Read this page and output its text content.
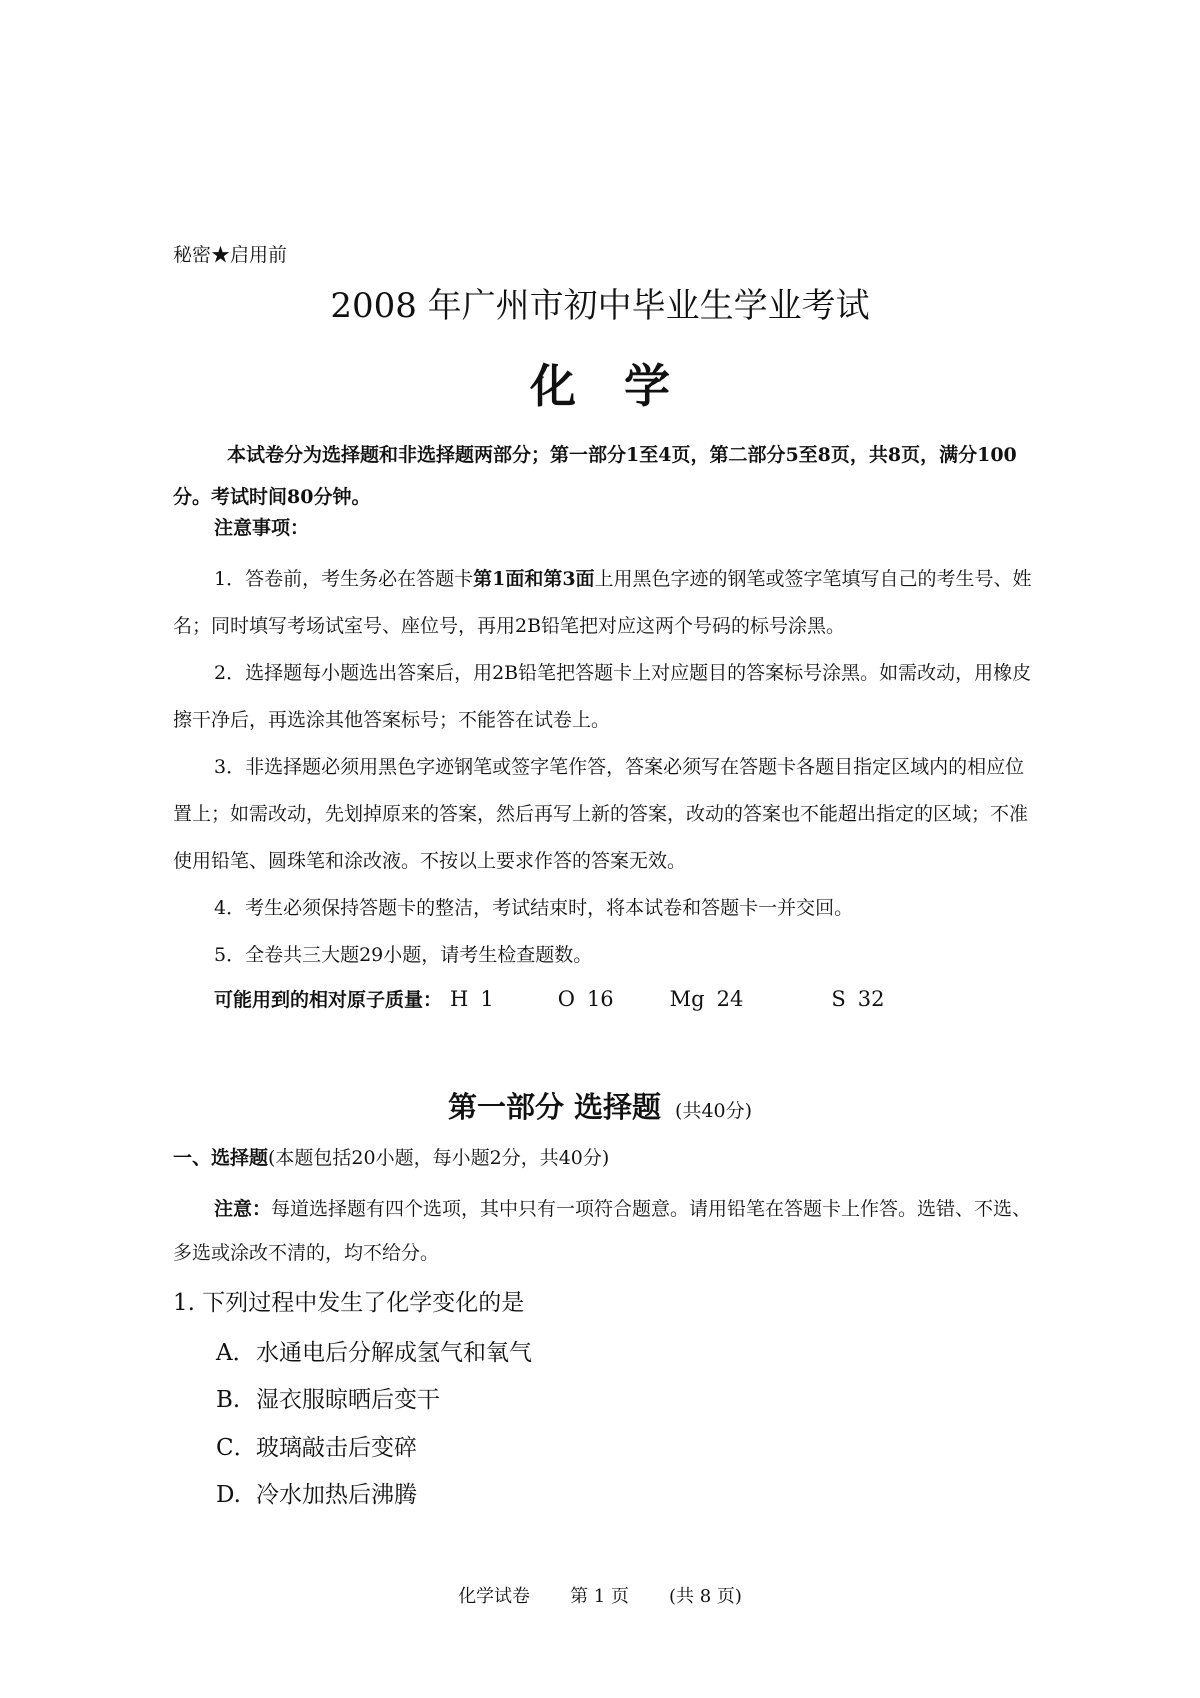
秘密★启用前
2008 年广州市初中毕业生学业考试
化 学
本试卷分为选择题和非选择题两部分；第一部分1至4页，第二部分5至8页，共8页，满分100分。考试时间80分钟。
注意事项：

1．答卷前，考生务必在答题卡第1面和第3面上用黑色字迹的钢笔或签字笔填写自己的考生号、姓名；同时填写考场试室号、座位号，再用2B铅笔把对应这两个号码的标号涂黑。

2．选择题每小题选出答案后，用2B铅笔把答题卡上对应题目的答案标号涂黑。如需改动，用橡皮擦干净后，再选涂其他答案标号；不能答在试卷上。

3．非选择题必须用黑色字迹钢笔或签字笔作答，答案必须写在答题卡各题目指定区域内的相应位置上；如需改动，先划掉原来的答案，然后再写上新的答案，改动的答案也不能超出指定的区域；不准使用铅笔、圆珠笔和涂改液。不按以上要求作答的答案无效。

4．考生必须保持答题卡的整洁，考试结束时，将本试卷和答题卡一并交回。

5．全卷共三大题29小题，请考生检查题数。

可能用到的相对原子质量： H 1	O 16	Mg 24	S 32
第一部分 选择题 (共40分)
一、选择题(本题包括20小题，每小题2分，共40分)
注意：每道选择题有四个选项，其中只有一项符合题意。请用铅笔在答题卡上作答。选错、不选、多选或涂改不清的，均不给分。
1. 下列过程中发生了化学变化的是
A．水通电后分解成氢气和氧气
B. 湿衣服晾晒后变干
C．玻璃敲击后变碎
D. 冷水加热后沸腾
化学试卷 第 1 页 (共 8 页)
